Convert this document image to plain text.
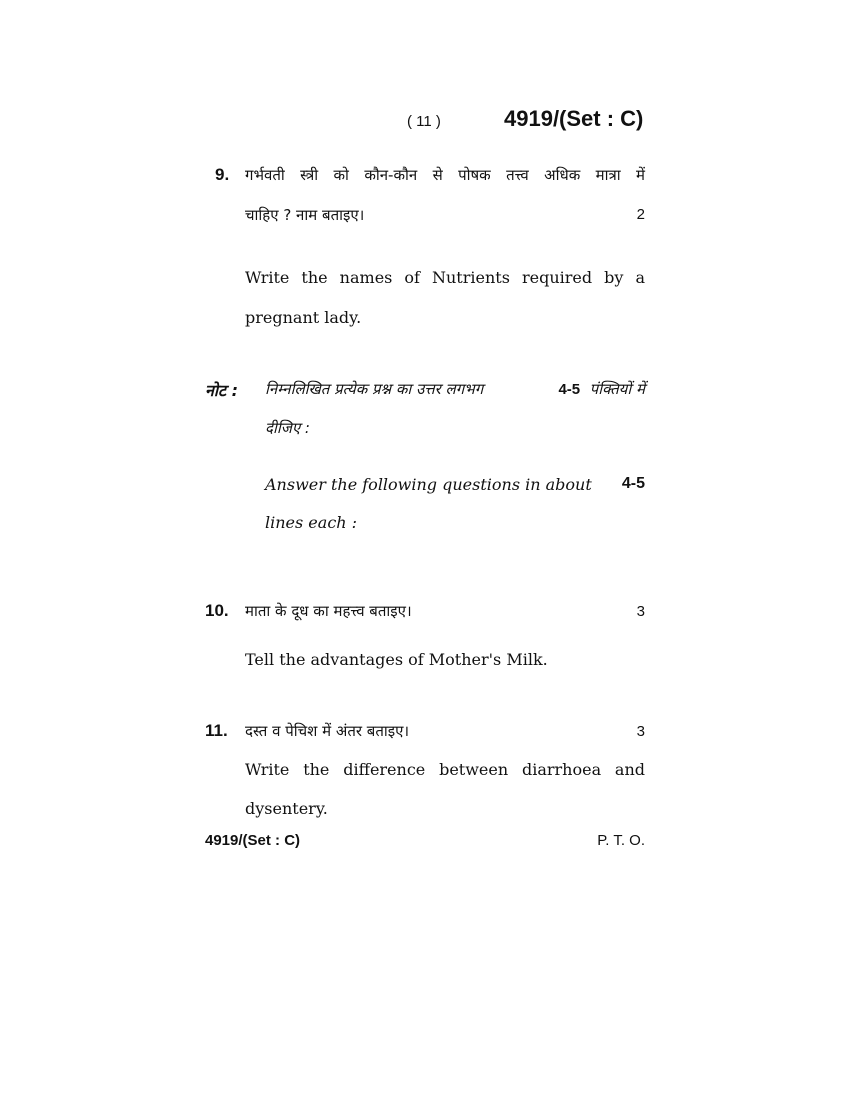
( 11 )	4919/(Set : C)
9. गर्भवती स्त्री को कौन-कौन से पोषक तत्त्व अधिक मात्रा में
चाहिए ? नाम बताइए।	2
Write the names of Nutrients required by a
pregnant lady.
नोट : निम्नलिखित प्रत्येक प्रश्न का उत्तर लगभग	4-5 पंक्तियों में
दीजिए :
Answer the following questions in about 4-5
lines each :
10. माता के दूध का महत्त्व बताइए।	3
Tell the advantages of Mother's Milk.
11. दस्त व पेचिश में अंतर बताइए।	3
Write the difference between diarrhoea and
dysentery.
4919/(Set : C)	P. T. O.
